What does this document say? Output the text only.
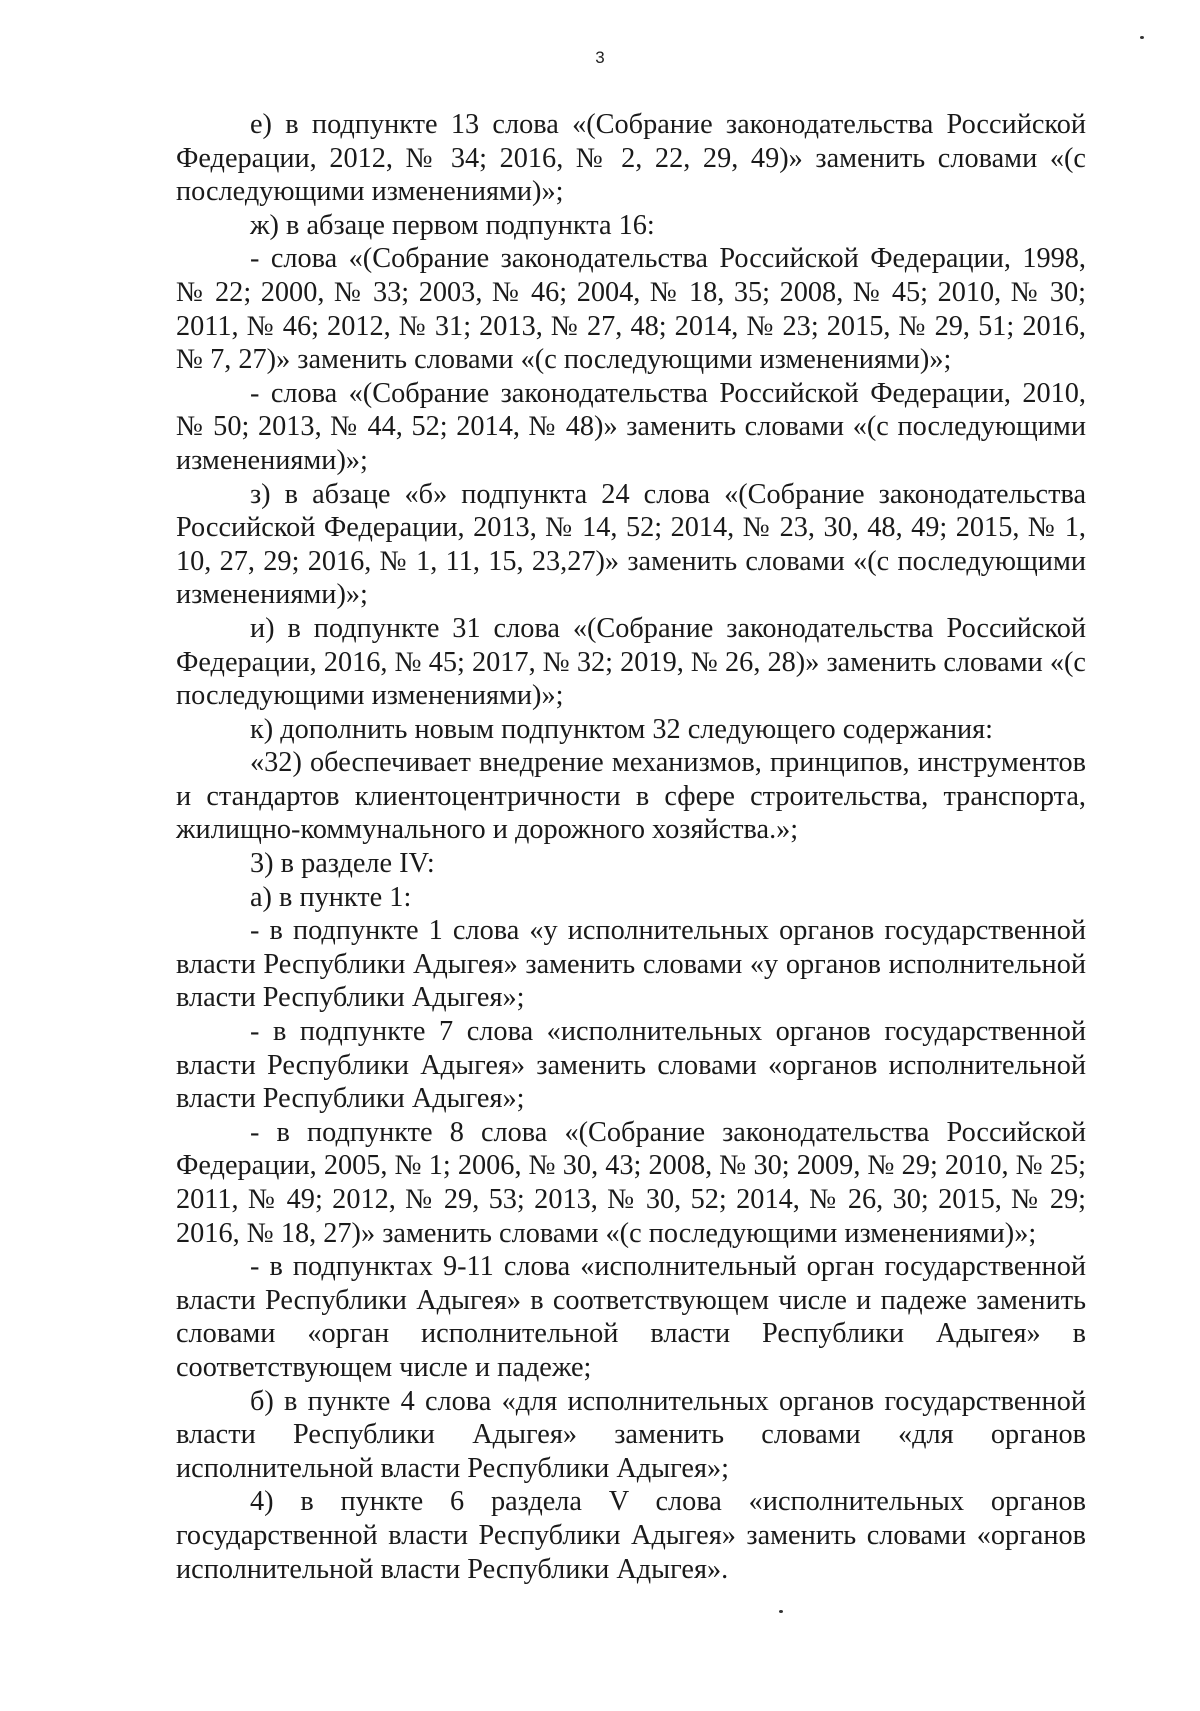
3

е) в подпункте 13 слова «(Собрание законодательства Российской Федерации, 2012, № 34; 2016, № 2, 22, 29, 49)» заменить словами «(с последующими изменениями)»;

ж) в абзаце первом подпункта 16:

- слова «(Собрание законодательства Российской Федерации, 1998, № 22; 2000, № 33; 2003, № 46; 2004, № 18, 35; 2008, № 45; 2010, № 30; 2011, № 46; 2012, № 31; 2013, № 27, 48; 2014, № 23; 2015, № 29, 51; 2016, № 7, 27)» заменить словами «(с последующими изменениями)»;

- слова «(Собрание законодательства Российской Федерации, 2010, № 50; 2013, № 44, 52; 2014, № 48)» заменить словами «(с последующими изменениями)»;

з) в абзаце «б» подпункта 24 слова «(Собрание законодательства Российской Федерации, 2013, № 14, 52; 2014, № 23, 30, 48, 49; 2015, № 1, 10, 27, 29; 2016, № 1, 11, 15, 23,27)» заменить словами «(с последующими изменениями)»;

и) в подпункте 31 слова «(Собрание законодательства Российской Федерации, 2016, № 45; 2017, № 32; 2019, № 26, 28)» заменить словами «(с последующими изменениями)»;

к) дополнить новым подпунктом 32 следующего содержания:

«32) обеспечивает внедрение механизмов, принципов, инструментов и стандартов клиентоцентричности в сфере строительства, транспорта, жилищно-коммунального и дорожного хозяйства.»;

3) в разделе IV:

а) в пункте 1:

- в подпункте 1 слова «у исполнительных органов государственной власти Республики Адыгея» заменить словами «у органов исполнительной власти Республики Адыгея»;

- в подпункте 7 слова «исполнительных органов государственной власти Республики Адыгея» заменить словами «органов исполнительной власти Республики Адыгея»;

- в подпункте 8 слова «(Собрание законодательства Российской Федерации, 2005, № 1; 2006, № 30, 43; 2008, № 30; 2009, № 29; 2010, № 25; 2011, № 49; 2012, № 29, 53; 2013, № 30, 52; 2014, № 26, 30; 2015, № 29; 2016, № 18, 27)» заменить словами «(с последующими изменениями)»;

- в подпунктах 9-11 слова «исполнительный орган государственной власти Республики Адыгея» в соответствующем числе и падеже заменить словами «орган исполнительной власти Республики Адыгея» в соответствующем числе и падеже;

б) в пункте 4 слова «для исполнительных органов государственной власти Республики Адыгея» заменить словами «для органов исполнительной власти Республики Адыгея»;

4) в пункте 6 раздела V слова «исполнительных органов государственной власти Республики Адыгея» заменить словами «органов исполнительной власти Республики Адыгея».
